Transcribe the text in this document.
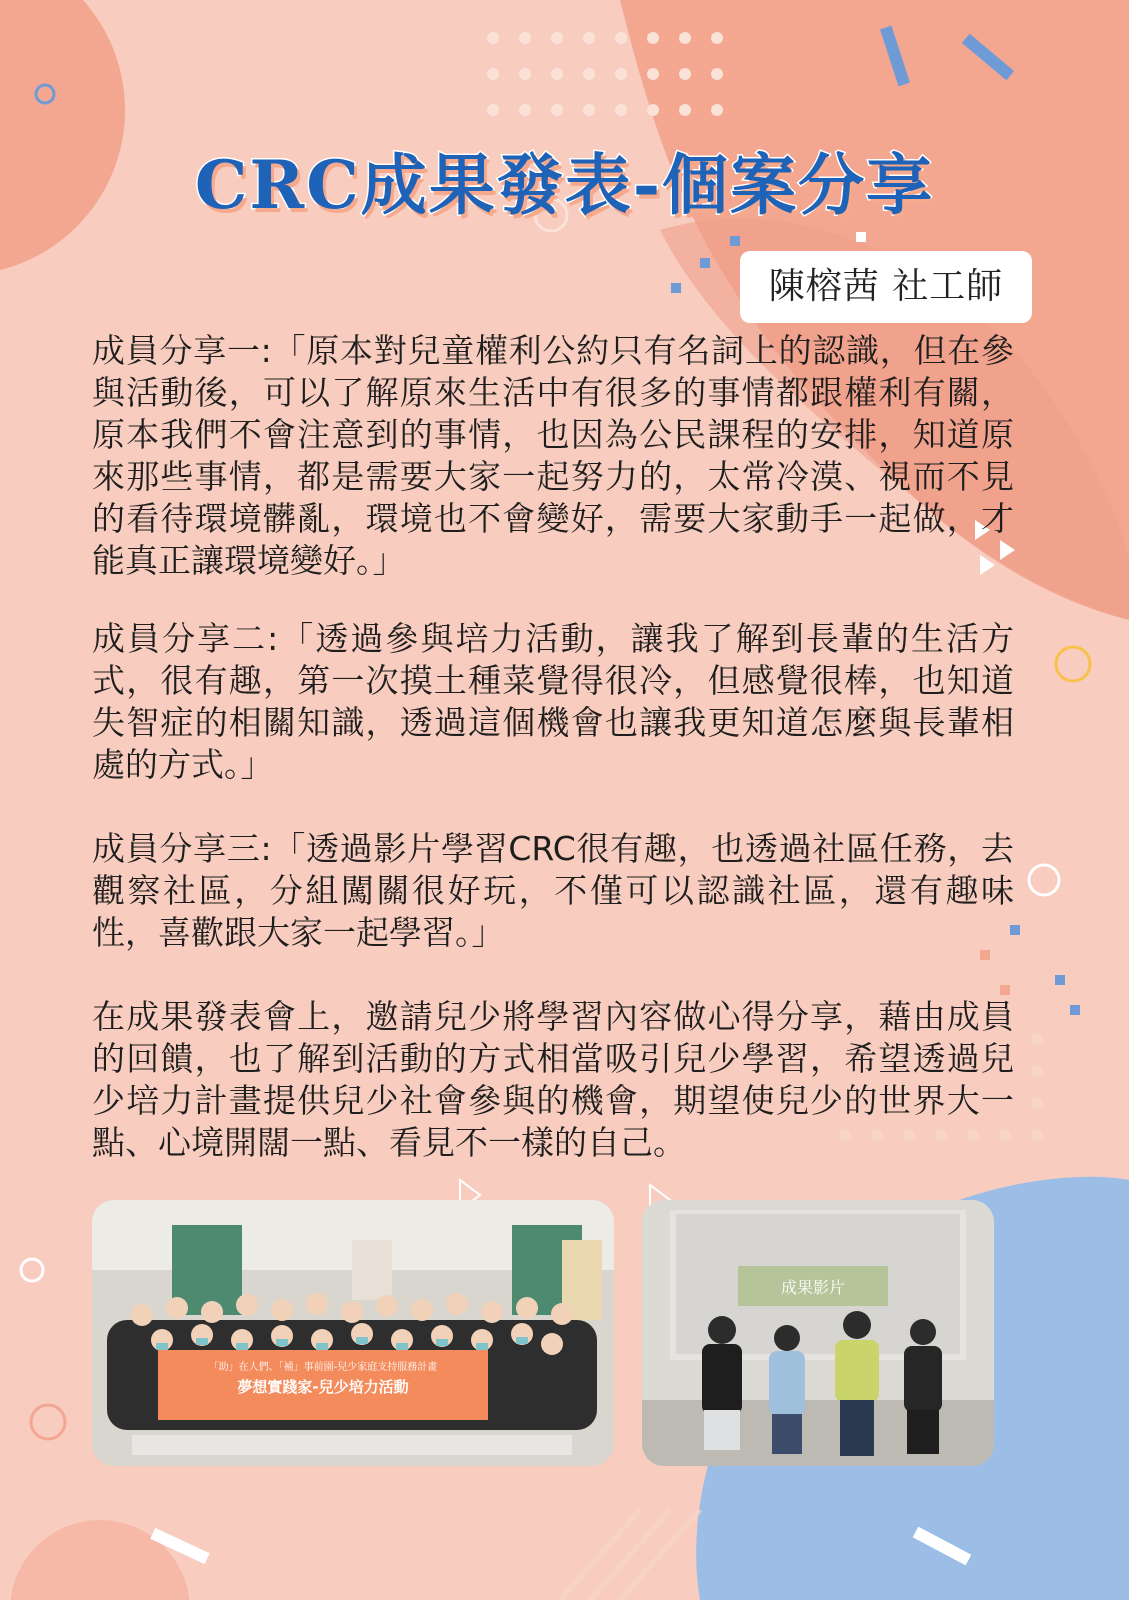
CRC成果發表-個案分享
陳榕茜 社工師

成員分享一:「原本對兒童權利公約只有名詞上的認識，但在參與活動後，可以了解原來生活中有很多的事情都跟權利有關，原本我們不會注意到的事情，也因為公民課程的安排，知道原來那些事情，都是需要大家一起努力的，太常冷漠、視而不見的看待環境髒亂，環境也不會變好，需要大家動手一起做，才能真正讓環境變好。」

成員分享二:「透過參與培力活動，讓我了解到長輩的生活方式，很有趣，第一次摸土種菜覺得很冷，但感覺很棒，也知道失智症的相關知識，透過這個機會也讓我更知道怎麼與長輩相處的方式。」

成員分享三:「透過影片學習CRC很有趣，也透過社區任務，去觀察社區，分組闖關很好玩，不僅可以認識社區，還有趣味性，喜歡跟大家一起學習。」

在成果發表會上，邀請兒少將學習內容做心得分享，藉由成員的回饋，也了解到活動的方式相當吸引兒少學習，希望透過兒少培力計畫提供兒少社會參與的機會，期望使兒少的世界大一點、心境開闊一點、看見不一樣的自己。

「助」在人們、「補」事前園-兒少家庭支持服務計畫
夢想實踐家-兒少培力活動
成果影片
